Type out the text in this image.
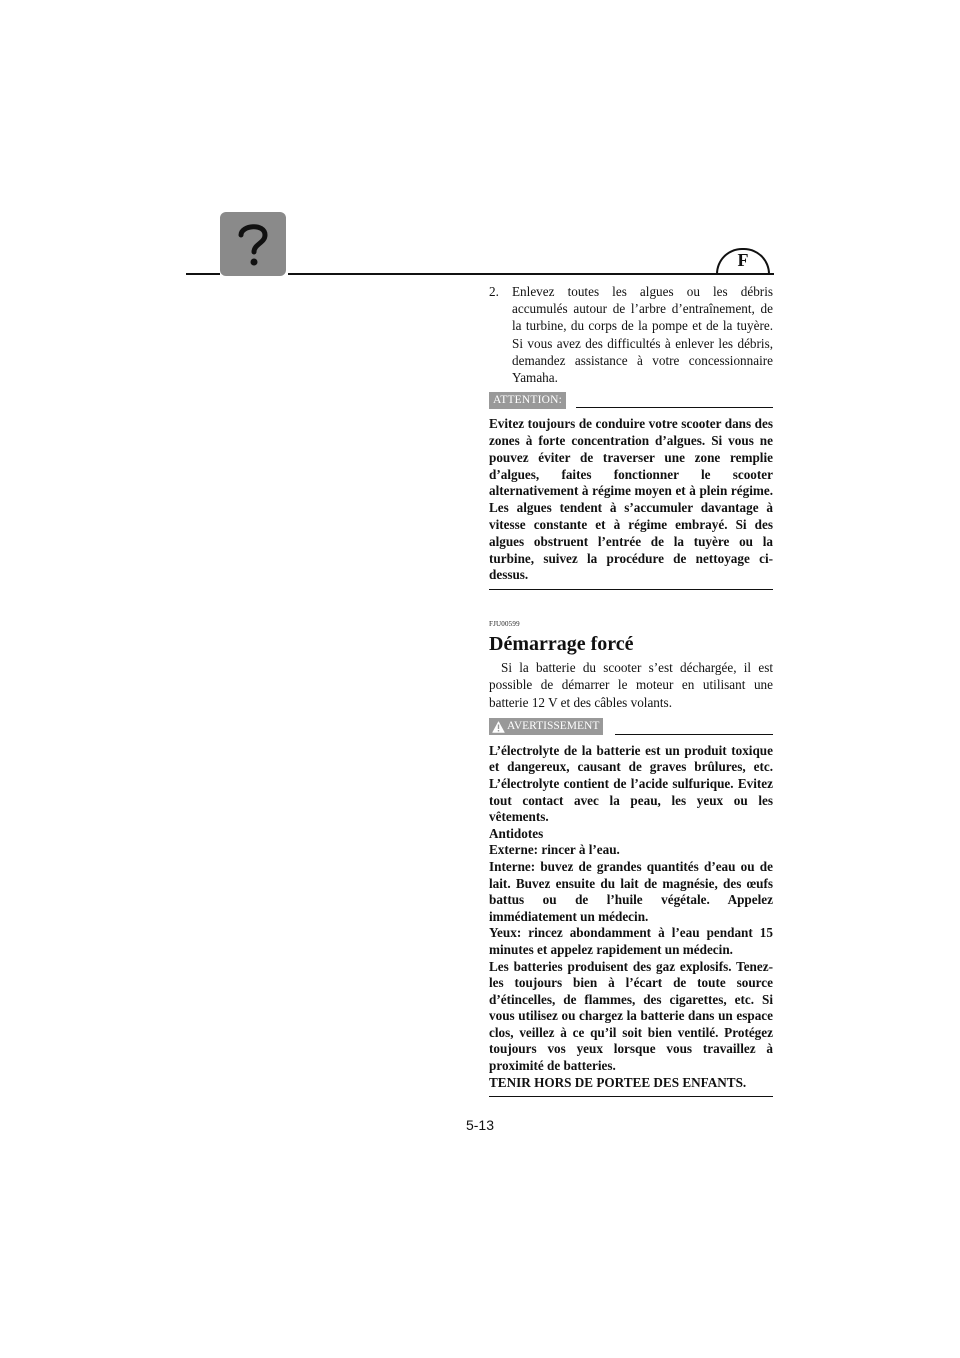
F
2. Enlevez toutes les algues ou les débris accumulés autour de l’arbre d’entraînement, de la turbine, du corps de la pompe et de la tuyère. Si vous avez des difficultés à enlever les débris, demandez assistance à votre concessionnaire Yamaha.
ATTENTION:
Evitez toujours de conduire votre scooter dans des zones à forte concentration d’algues. Si vous ne pouvez éviter de traverser une zone remplie d’algues, faites fonctionner le scooter alternativement à régime moyen et à plein régime. Les algues tendent à s’accumuler davantage à vitesse constante et à régime embrayé. Si des algues obstruent l’entrée de la tuyère ou la turbine, suivez la procédure de nettoyage ci-dessus.
FJU00599
Démarrage forcé
Si la batterie du scooter s’est déchargée, il est possible de démarrer le moteur en utilisant une batterie 12 V et des câbles volants.
AVERTISSEMENT

L’électrolyte de la batterie est un produit toxique et dangereux, causant de graves brûlures, etc. L’électrolyte contient de l’acide sulfurique. Evitez tout contact avec la peau, les yeux ou les vêtements.

Antidotes

Externe: rincer à l’eau.

Interne: buvez de grandes quantités d’eau ou de lait. Buvez ensuite du lait de magnésie, des œufs battus ou de l’huile végétale. Appelez immédiatement un médecin.

Yeux: rincez abondamment à l’eau pendant 15 minutes et appelez rapidement un médecin.

Les batteries produisent des gaz explosifs. Tenez-les toujours bien à l’écart de toute source d’étincelles, de flammes, des cigarettes, etc. Si vous utilisez ou chargez la batterie dans un espace clos, veillez à ce qu’il soit bien ventilé. Protégez toujours vos yeux lorsque vous travaillez à proximité de batteries.

TENIR HORS DE PORTEE DES ENFANTS.

5-13
